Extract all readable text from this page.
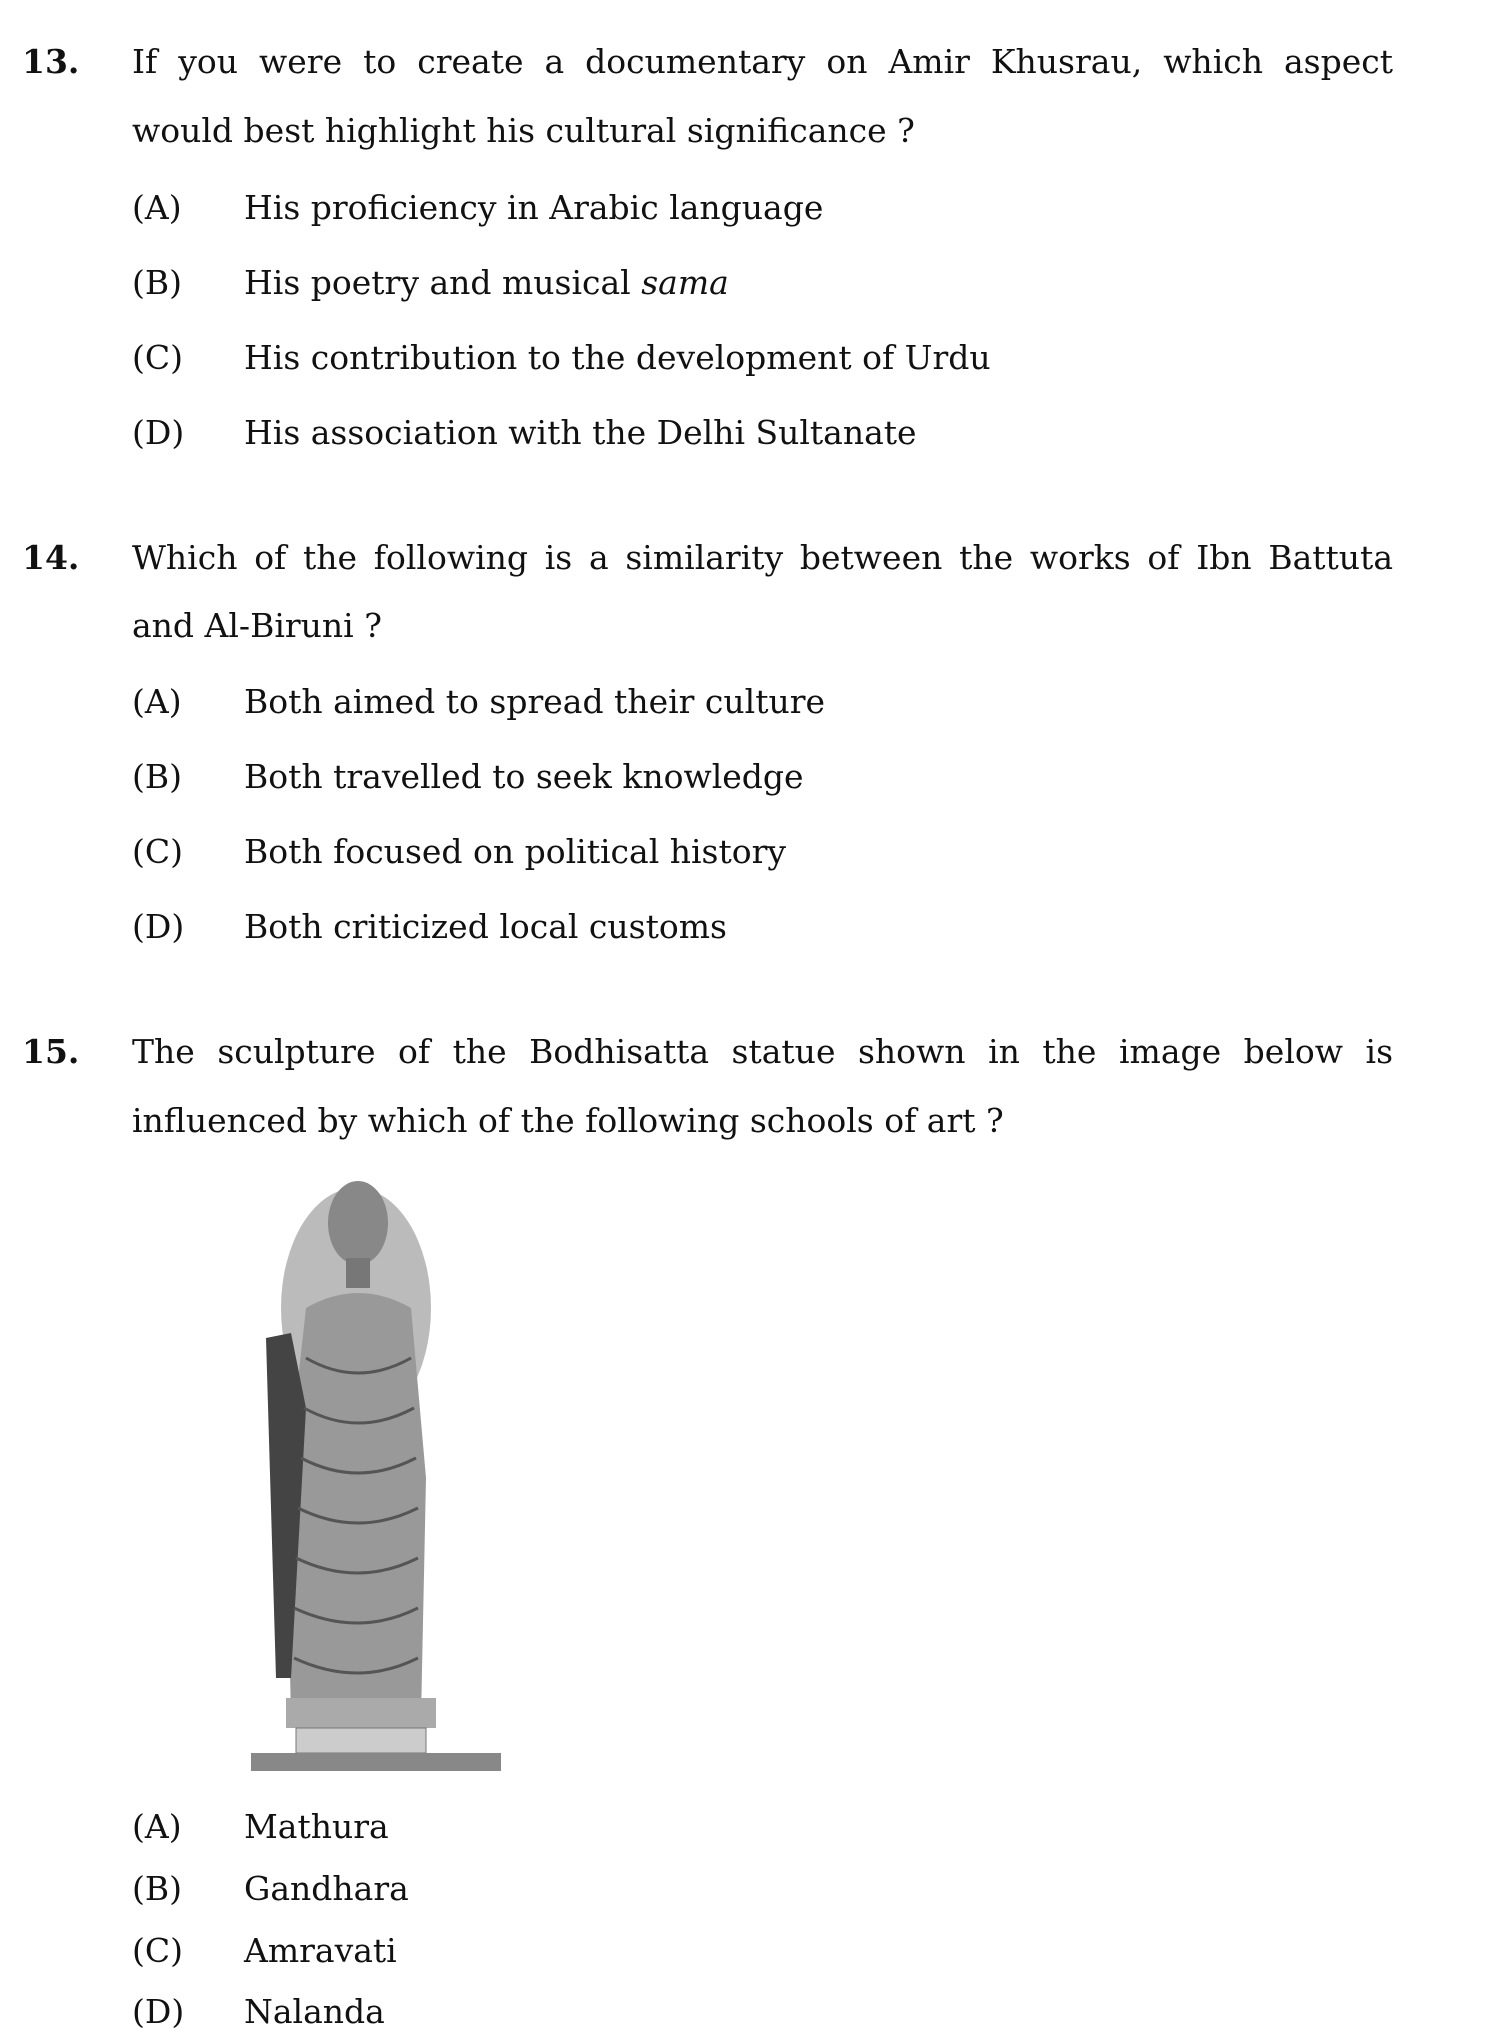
13. If you were to create a documentary on Amir Khusrau, which aspect
would best highlight his cultural significance ?
(A) His proficiency in Arabic language
(B) His poetry and musical sama
(C) His contribution to the development of Urdu
(D) His association with the Delhi Sultanate
14. Which of the following is a similarity between the works of Ibn Battuta
and Al-Biruni ?
(A) Both aimed to spread their culture
(B) Both travelled to seek knowledge
(C) Both focused on political history
(D) Both criticized local customs
15. The sculpture of the Bodhisatta statue shown in the image below is
influenced by which of the following schools of art ?
(A) Mathura
(B) Gandhara
(C) Amravati
(D) Nalanda
